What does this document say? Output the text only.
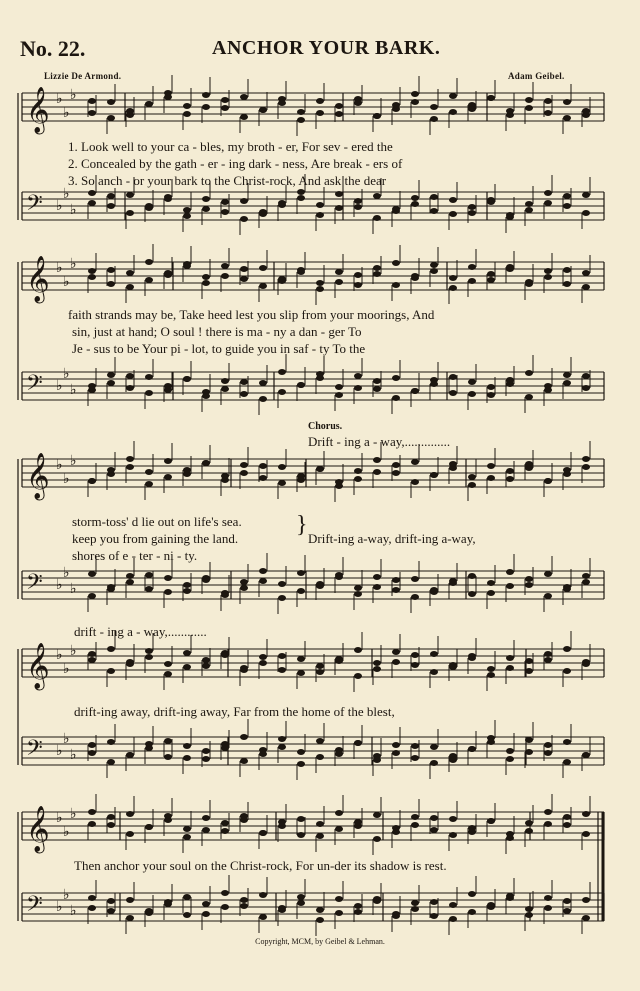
No. 22.	ANCHOR YOUR BARK.
Lizzie De Armond.	Adam Geibel.
𝄞 ♭
♭
♭
𝄢 ♭
♭
♭
𝄞 ♭
♭
♭
𝄢 ♭
♭
♭
𝄞 ♭
♭
♭
𝄢 ♭
♭
♭
𝄞 ♭
♭
♭
𝄢 ♭
♭
♭
𝄞 ♭
♭
♭
𝄢 ♭
♭
♭
1. Look well to your ca - bles, my broth - er, For sev - ered the
2. Concealed by the gath - er - ing dark - ness, Are break - ers of
3. So anch - or your bark to the Christ-rock, And ask the dear
faith strands may be, Take heed lest you slip from your moorings, And
sin, just at hand; O soul ! there is ma - ny a dan - ger To
Je - sus to be Your pi - lot, to guide you in saf - ty To the
Chorus.
Drift - ing a - way,..............
storm-toss' d lie out on life's sea.
keep you from gaining the land.
shores of e - ter - ni - ty.
}
Drift-ing a-way, drift-ing a-way,
drift - ing a - way,............
drift-ing away, drift-ing away, Far from the home of the blest,
Then anchor your soul on the Christ-rock, For un-der its shadow is rest.
Copyright, MCM, by Geibel & Lehman.
